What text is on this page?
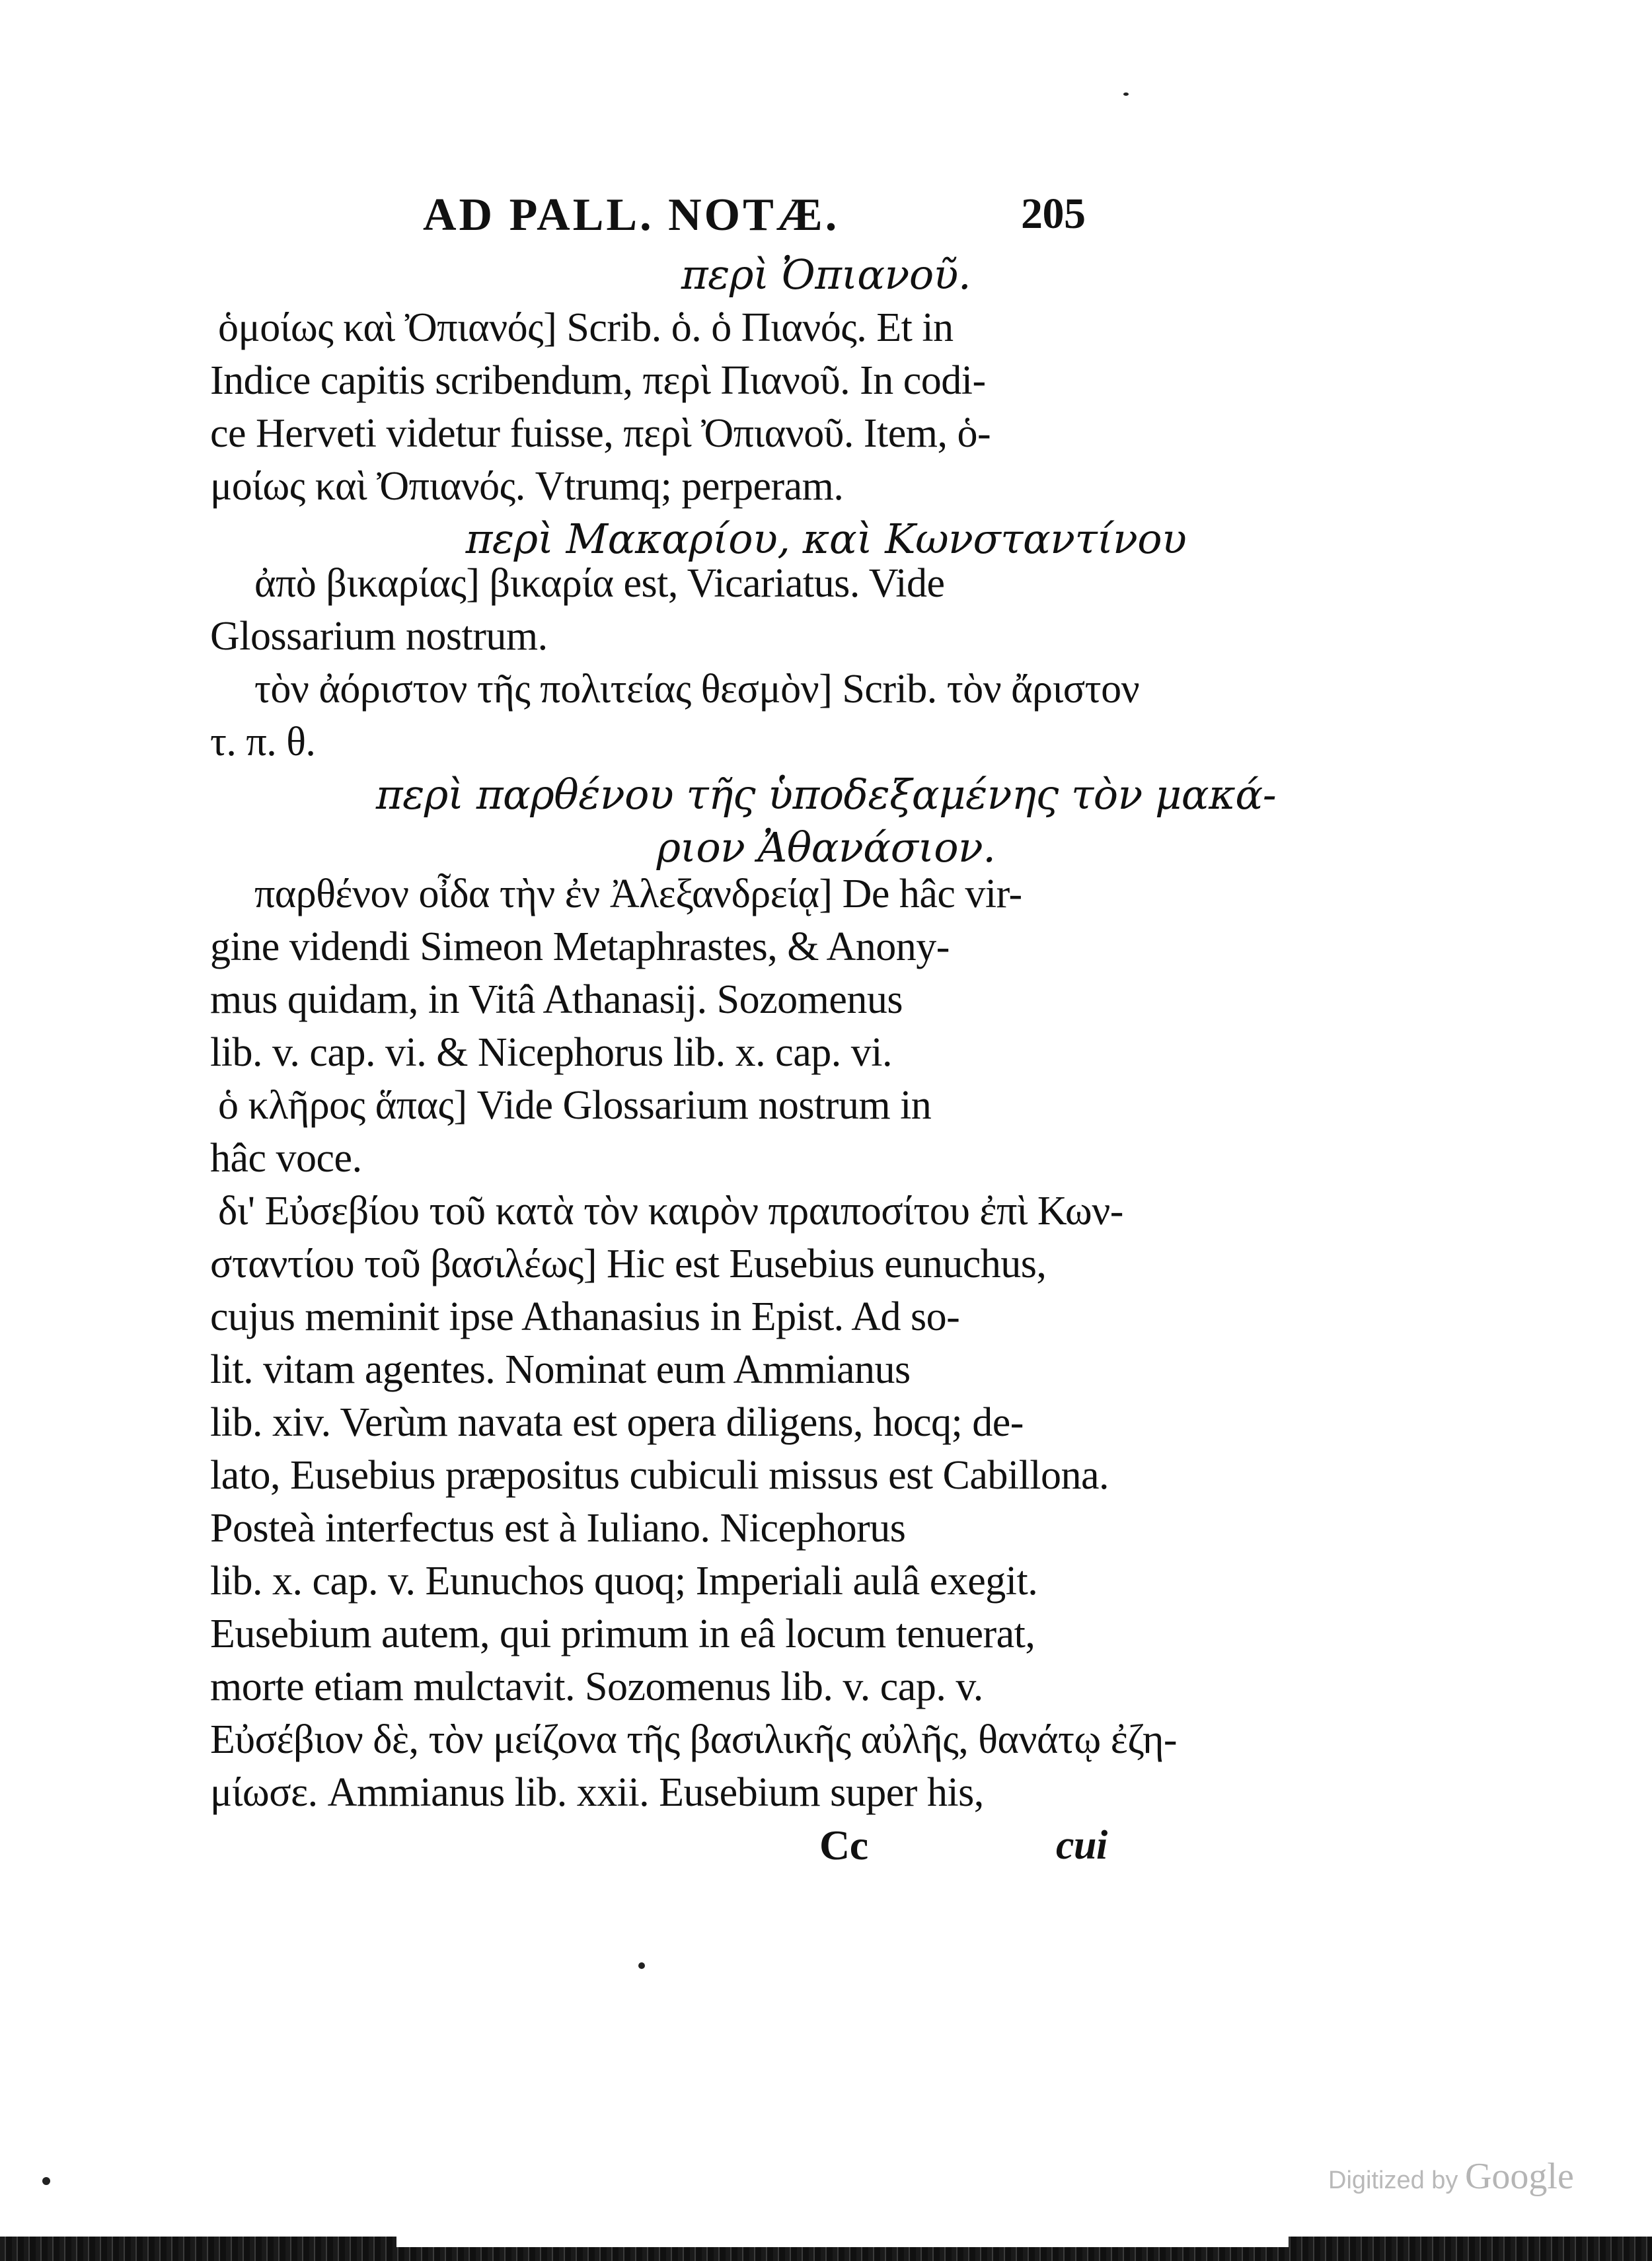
AD PALL. NOTÆ.	205
περὶ Ὀπιανοῦ.
ὁμοίως καὶ Ὀπιανός] Scrib. ὁ. ὁ Πιανός. Et in
Indice capitis scribendum, περὶ Πιανοῦ. In codi-
ce Herveti videtur fuisse, περὶ Ὀπιανοῦ. Item, ὁ-
μοίως καὶ Ὀπιανός. Vtrumq; perperam.
περὶ Μακαρίου, καὶ Κωνσταντίνου
ἀπὸ βικαρίας] βικαρία est, Vicariatus. Vide
Glossarium nostrum.
τὸν ἀόριστον τῆς πολιτείας θεσμὸν] Scrib. τὸν ἄριστον
τ. π. θ.
περὶ παρθένου τῆς ὑποδεξαμένης τὸν μακά-
ριον Ἀθανάσιον.
παρθένον οἶδα τὴν ἐν Ἀλεξανδρείᾳ] De hâc vir-
gine videndi Simeon Metaphrastes, & Anony-
mus quidam, in Vitâ Athanasij. Sozomenus
lib. v. cap. vi. & Nicephorus lib. x. cap. vi.
ὁ κλῆρος ἅπας] Vide Glossarium nostrum in
hâc voce.
δι' Εὐσεβίου τοῦ κατὰ τὸν καιρὸν πραιποσίτου ἐπὶ Κων-
σταντίου τοῦ βασιλέως] Hic est Eusebius eunuchus,
cujus meminit ipse Athanasius in Epist. Ad so-
lit. vitam agentes. Nominat eum Ammianus
lib. xiv. Verùm navata est opera diligens, hocq; de-
lato, Eusebius præpositus cubiculi missus est Cabillona.
Posteà interfectus est à Iuliano. Nicephorus
lib. x. cap. v. Eunuchos quoq; Imperiali aulâ exegit.
Eusebium autem, qui primum in eâ locum tenuerat,
morte etiam mulctavit. Sozomenus lib. v. cap. v.
Εὐσέβιον δὲ, τὸν μείζονα τῆς βασιλικῆς αὐλῆς, θανάτῳ ἐζη-
μίωσε. Ammianus lib. xxii. Eusebium super his,
Cc	cui
Digitized by Google
